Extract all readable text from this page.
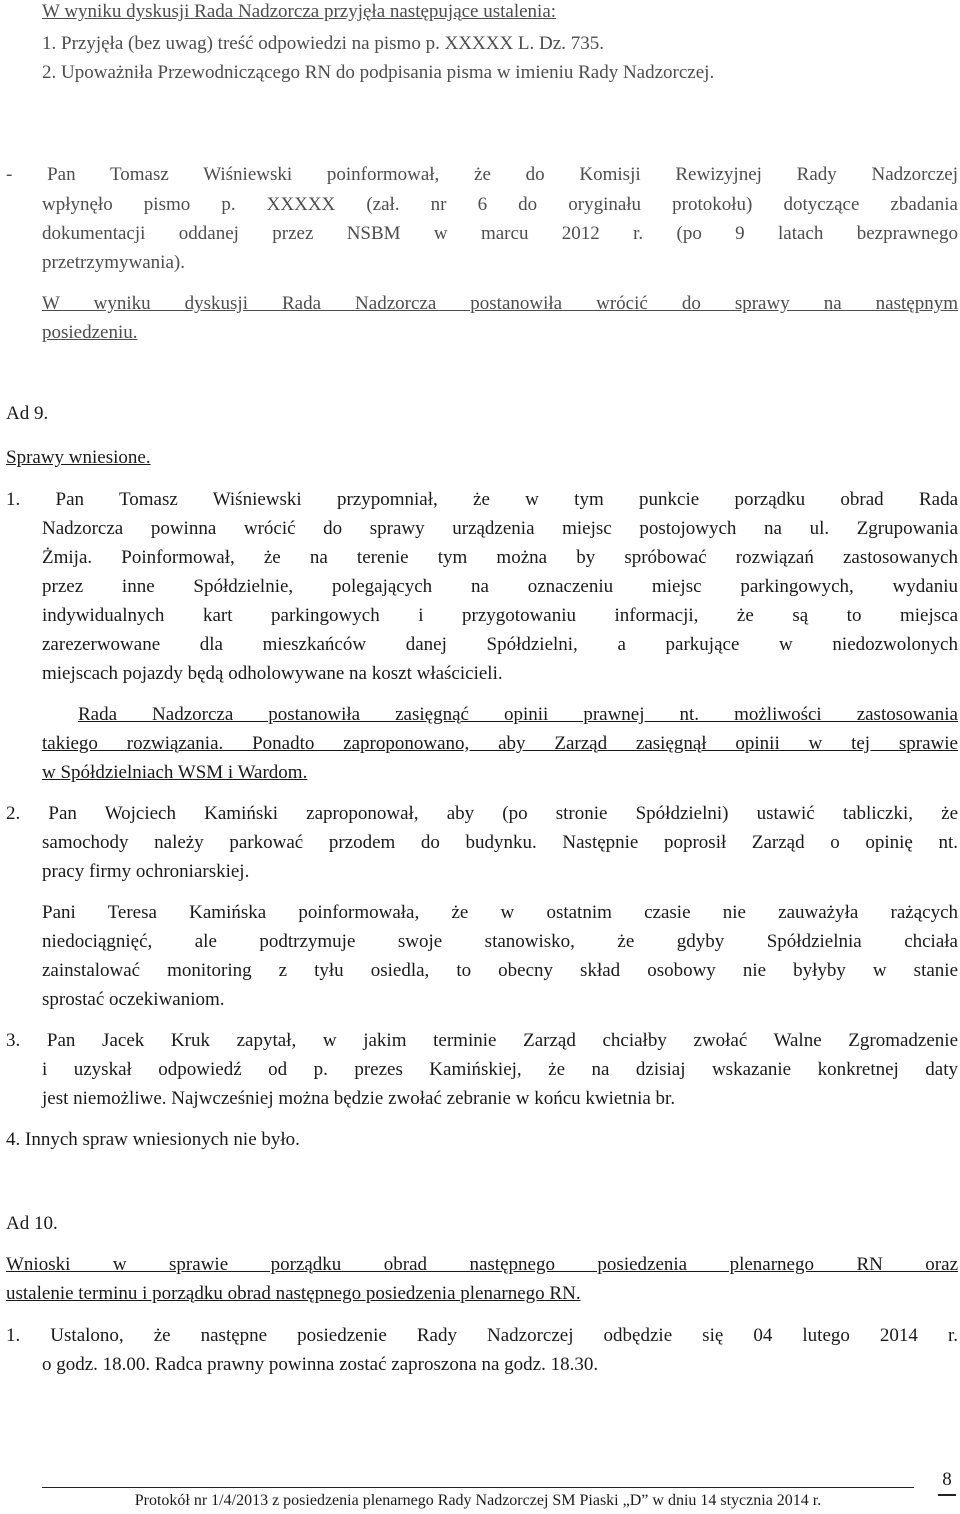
W wyniku dyskusji Rada Nadzorcza przyjęła następujące ustalenia:
1. Przyjęła (bez uwag) treść odpowiedzi na pismo p. XXXXX L. Dz. 735.
2. Upoważniła Przewodniczącego RN do podpisania pisma w imieniu Rady Nadzorczej.
- Pan Tomasz Wiśniewski poinformował, że do Komisji Rewizyjnej Rady Nadzorczej
wpłynęło pismo p. XXXXX (zał. nr 6 do oryginału protokołu) dotyczące zbadania
dokumentacji oddanej przez NSBM w marcu 2012 r. (po 9 latach bezprawnego
przetrzymywania).
W wyniku dyskusji Rada Nadzorcza postanowiła wrócić do sprawy na następnym
posiedzeniu.
Ad 9.
Sprawy wniesione.
1. Pan Tomasz Wiśniewski przypomniał, że w tym punkcie porządku obrad Rada
Nadzorcza powinna wrócić do sprawy urządzenia miejsc postojowych na ul. Zgrupowania
Żmija. Poinformował, że na terenie tym można by spróbować rozwiązań zastosowanych
przez inne Spółdzielnie, polegających na oznaczeniu miejsc parkingowych, wydaniu
indywidualnych kart parkingowych i przygotowaniu informacji, że są to miejsca
zarezerwowane dla mieszkańców danej Spółdzielni, a parkujące w niedozwolonych
miejscach pojazdy będą odholowywane na koszt właścicieli.
Rada Nadzorcza postanowiła zasięgnąć opinii prawnej nt. możliwości zastosowania
takiego rozwiązania. Ponadto zaproponowano, aby Zarząd zasięgnął opinii w tej sprawie
w Spółdzielniach WSM i Wardom.
2. Pan Wojciech Kamiński zaproponował, aby (po stronie Spółdzielni) ustawić tabliczki, że
samochody należy parkować przodem do budynku. Następnie poprosił Zarząd o opinię nt.
pracy firmy ochroniarskiej.
Pani Teresa Kamińska poinformowała, że w ostatnim czasie nie zauważyła rażących
niedociągnięć, ale podtrzymuje swoje stanowisko, że gdyby Spółdzielnia chciała
zainstalować monitoring z tyłu osiedla, to obecny skład osobowy nie byłyby w stanie
sprostać oczekiwaniom.
3. Pan Jacek Kruk zapytał, w jakim terminie Zarząd chciałby zwołać Walne Zgromadzenie
i uzyskał odpowiedź od p. prezes Kamińskiej, że na dzisiaj wskazanie konkretnej daty
jest niemożliwe. Najwcześniej można będzie zwołać zebranie w końcu kwietnia br.
4. Innych spraw wniesionych nie było.
Ad 10.
Wnioski w sprawie porządku obrad następnego posiedzenia plenarnego RN oraz
ustalenie terminu i porządku obrad następnego posiedzenia plenarnego RN.
1. Ustalono, że następne posiedzenie Rady Nadzorczej odbędzie się 04 lutego 2014 r.
o godz. 18.00. Radca prawny powinna zostać zaproszona na godz. 18.30.
Protokół nr 1/4/2013 z posiedzenia plenarnego Rady Nadzorczej SM Piaski „D” w dniu 14 stycznia 2014 r.
8
